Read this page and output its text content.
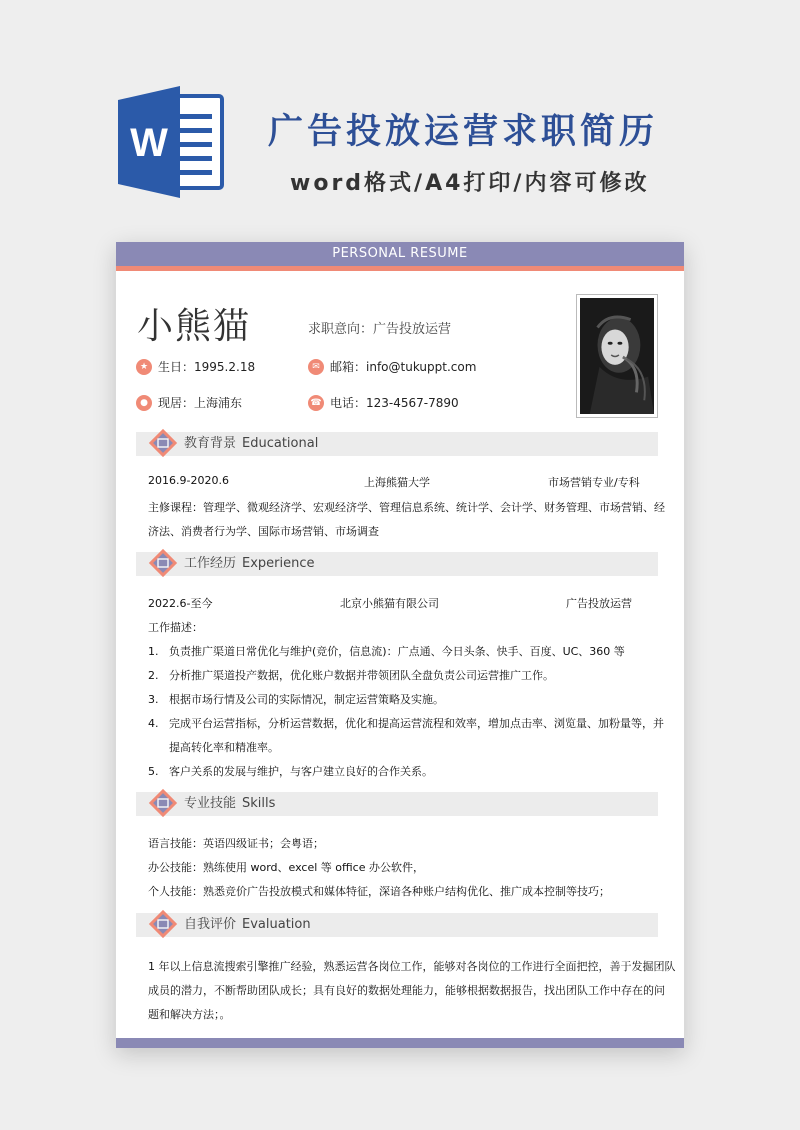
W	广告投放运营求职简历
word格式/A4打印/内容可修改
PERSONAL RESUME
小熊猫	求职意向：广告投放运营
★ 生日： 1995.2.18	✉ 邮箱： info@tukuppt.com
● 现居： 上海浦东	☎ 电话： 123-4567-7890
教育背景 Educational
2016.9-2020.6	上海熊猫大学	市场营销专业/专科
主修课程：管理学、微观经济学、宏观经济学、管理信息系统、统计学、会计学、财务管理、市场营销、经
济法、消费者行为学、国际市场营销、市场调查
工作经历 Experience
2022.6-至今	北京小熊猫有限公司	广告投放运营
工作描述：
1. 负责推广渠道日常优化与维护(竞价，信息流)：广点通、今日头条、快手、百度、UC、360 等
2. 分析推广渠道投产数据，优化账户数据并带领团队全盘负责公司运营推广工作。
3. 根据市场行情及公司的实际情况，制定运营策略及实施。
4. 完成平台运营指标，分析运营数据，优化和提高运营流程和效率，增加点击率、浏览量、加粉量等，并
提高转化率和精准率。
5. 客户关系的发展与维护，与客户建立良好的合作关系。
专业技能 Skills
语言技能：英语四级证书；会粤语；
办公技能：熟练使用 word、excel 等 office 办公软件，
个人技能：熟悉竞价广告投放模式和媒体特征，深谙各种账户结构优化、推广成本控制等技巧；
自我评价 Evaluation
1 年以上信息流搜索引擎推广经验，熟悉运营各岗位工作，能够对各岗位的工作进行全面把控，善于发掘团队
成员的潜力，不断帮助团队成长；具有良好的数据处理能力，能够根据数据报告，找出团队工作中存在的问
题和解决方法；。
